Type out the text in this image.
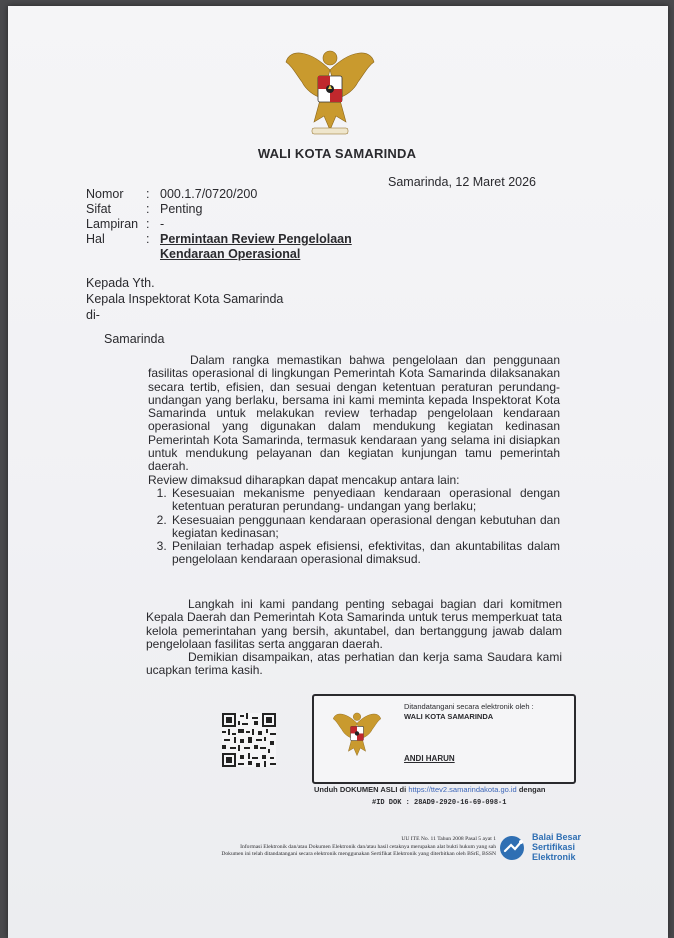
WALI KOTA SAMARINDA
Samarinda, 12 Maret 2026
Nomor	: 000.1.7/0720/200
Sifat	: Penting
Lampiran : -
Hal	: Permintaan Review Pengelolaan
Kendaraan Operasional
Kepada Yth.
Kepala Inspektorat Kota Samarinda
di-
Samarinda

Dalam rangka memastikan bahwa pengelolaan dan penggunaan fasilitas operasional di lingkungan Pemerintah Kota Samarinda dilaksanakan secara tertib, efisien, dan sesuai dengan ketentuan peraturan perundang-undangan yang berlaku, bersama ini kami meminta kepada Inspektorat Kota Samarinda untuk melakukan review terhadap pengelolaan kendaraan operasional yang digunakan dalam mendukung kegiatan kedinasan Pemerintah Kota Samarinda, termasuk kendaraan yang selama ini disiapkan untuk mendukung pelayanan dan kegiatan kunjungan tamu pemerintah daerah.

Review dimaksud diharapkan dapat mencakup antara lain:

1. Kesesuaian mekanisme penyediaan kendaraan operasional dengan ketentuan peraturan perundang- undangan yang berlaku;
2. Kesesuaian penggunaan kendaraan operasional dengan kebutuhan dan kegiatan kedinasan;
3. Penilaian terhadap aspek efisiensi, efektivitas, dan akuntabilitas dalam pengelolaan kendaraan operasional dimaksud.

Langkah ini kami pandang penting sebagai bagian dari komitmen Kepala Daerah dan Pemerintah Kota Samarinda untuk terus memperkuat tata kelola pemerintahan yang bersih, akuntabel, dan bertanggung jawab dalam pengelolaan fasilitas serta anggaran daerah.

Demikian disampaikan, atas perhatian dan kerja sama Saudara kami ucapkan terima kasih.

Ditandatangani secara elektronik oleh :
WALI KOTA SAMARINDA
ANDI HARUN
Unduh DOKUMEN ASLI di https://ttev2.samarindakota.go.id dengan
#ID DOK : 28AD9-2920-16-69-098-1
UU ITE No. 11 Tahun 2008 Pasal 5 ayat 1
Informasi Elektronik dan/atau Dokumen Elektronik dan/atau hasil cetaknya merupakan alat bukti hukum yang sah
Dokumen ini telah ditandatangani secara elektronik menggunakan Sertifikat Elektronik yang diterbitkan oleh BSrE, BSSN
Balai Besar
Sertifikasi
Elektronik
